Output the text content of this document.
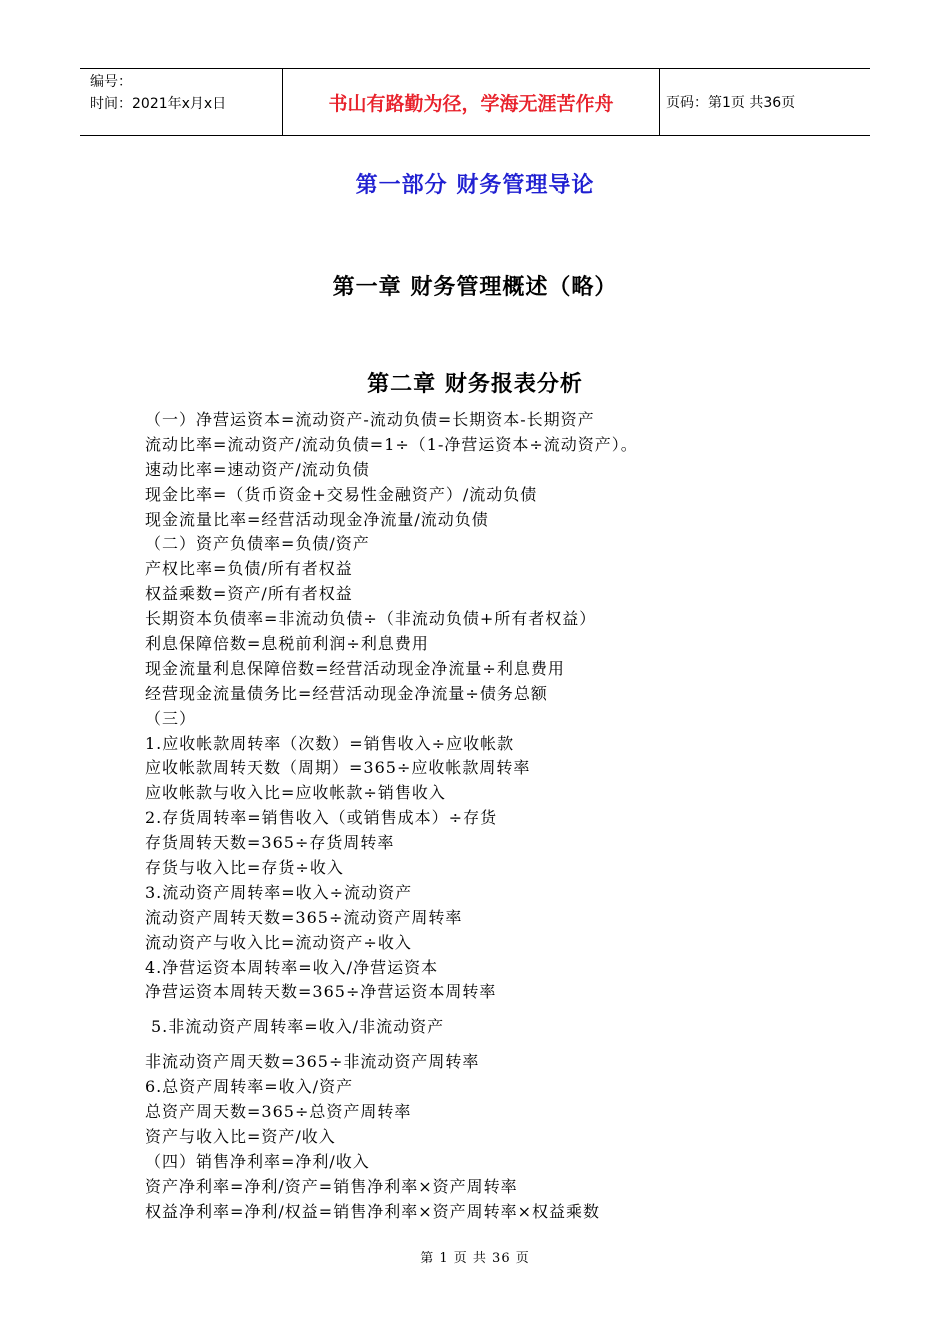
编号：
时间：2021年x月x日	书山有路勤为径，学海无涯苦作舟	页码：第1页 共36页
第一部分 财务管理导论
第一章 财务管理概述（略）
第二章 财务报表分析
（一）净营运资本=流动资产-流动负债=长期资本-长期资产
流动比率=流动资产/流动负债=1÷（1-净营运资本÷流动资产）。
速动比率=速动资产/流动负债
现金比率=（货币资金+交易性金融资产）/流动负债
现金流量比率=经营活动现金净流量/流动负债
（二）资产负债率=负债/资产
产权比率=负债/所有者权益
权益乘数=资产/所有者权益
长期资本负债率=非流动负债÷（非流动负债+所有者权益）
利息保障倍数=息税前利润÷利息费用
现金流量利息保障倍数=经营活动现金净流量÷利息费用
经营现金流量债务比=经营活动现金净流量÷债务总额
（三）
1.应收帐款周转率（次数）=销售收入÷应收帐款
应收帐款周转天数（周期）=365÷应收帐款周转率
应收帐款与收入比=应收帐款÷销售收入
2.存货周转率=销售收入（或销售成本）÷存货
存货周转天数=365÷存货周转率
存货与收入比=存货÷收入
3.流动资产周转率=收入÷流动资产
流动资产周转天数=365÷流动资产周转率
流动资产与收入比=流动资产÷收入
4.净营运资本周转率=收入/净营运资本
净营运资本周转天数=365÷净营运资本周转率
5.非流动资产周转率=收入/非流动资产
非流动资产周天数=365÷非流动资产周转率
6.总资产周转率=收入/资产
总资产周天数=365÷总资产周转率
资产与收入比=资产/收入
（四）销售净利率=净利/收入
资产净利率=净利/资产=销售净利率×资产周转率
权益净利率=净利/权益=销售净利率×资产周转率×权益乘数
第 1 页 共 36 页
